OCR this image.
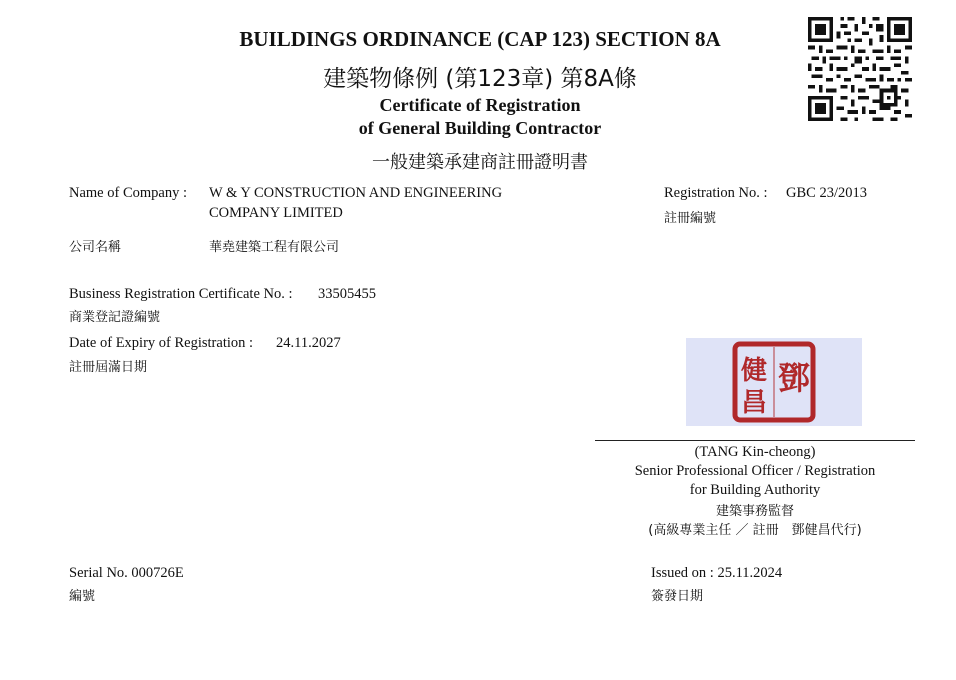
BUILDINGS ORDINANCE (CAP 123) SECTION 8A
建築物條例 (第123章) 第8A條
Certificate of Registration
of General Building Contractor
一般建築承建商註冊證明書
Name of Company : W & Y CONSTRUCTION AND ENGINEERING
COMPANY LIMITED
公司名稱	華堯建築工程有限公司
Registration No. : GBC 23/2013
註冊編號
Business Registration Certificate No. : 33505455
商業登記證編號
Date of Expiry of Registration : 24.11.2027
註冊屆滿日期	鄧
健
昌
(TANG Kin-cheong)
Senior Professional Officer / Registration
for Building Authority
建築事務監督
(高級專業主任 ／ 註冊　鄧健昌代行)
Serial No. 000726E
編號
Issued on : 25.11.2024
簽發日期
